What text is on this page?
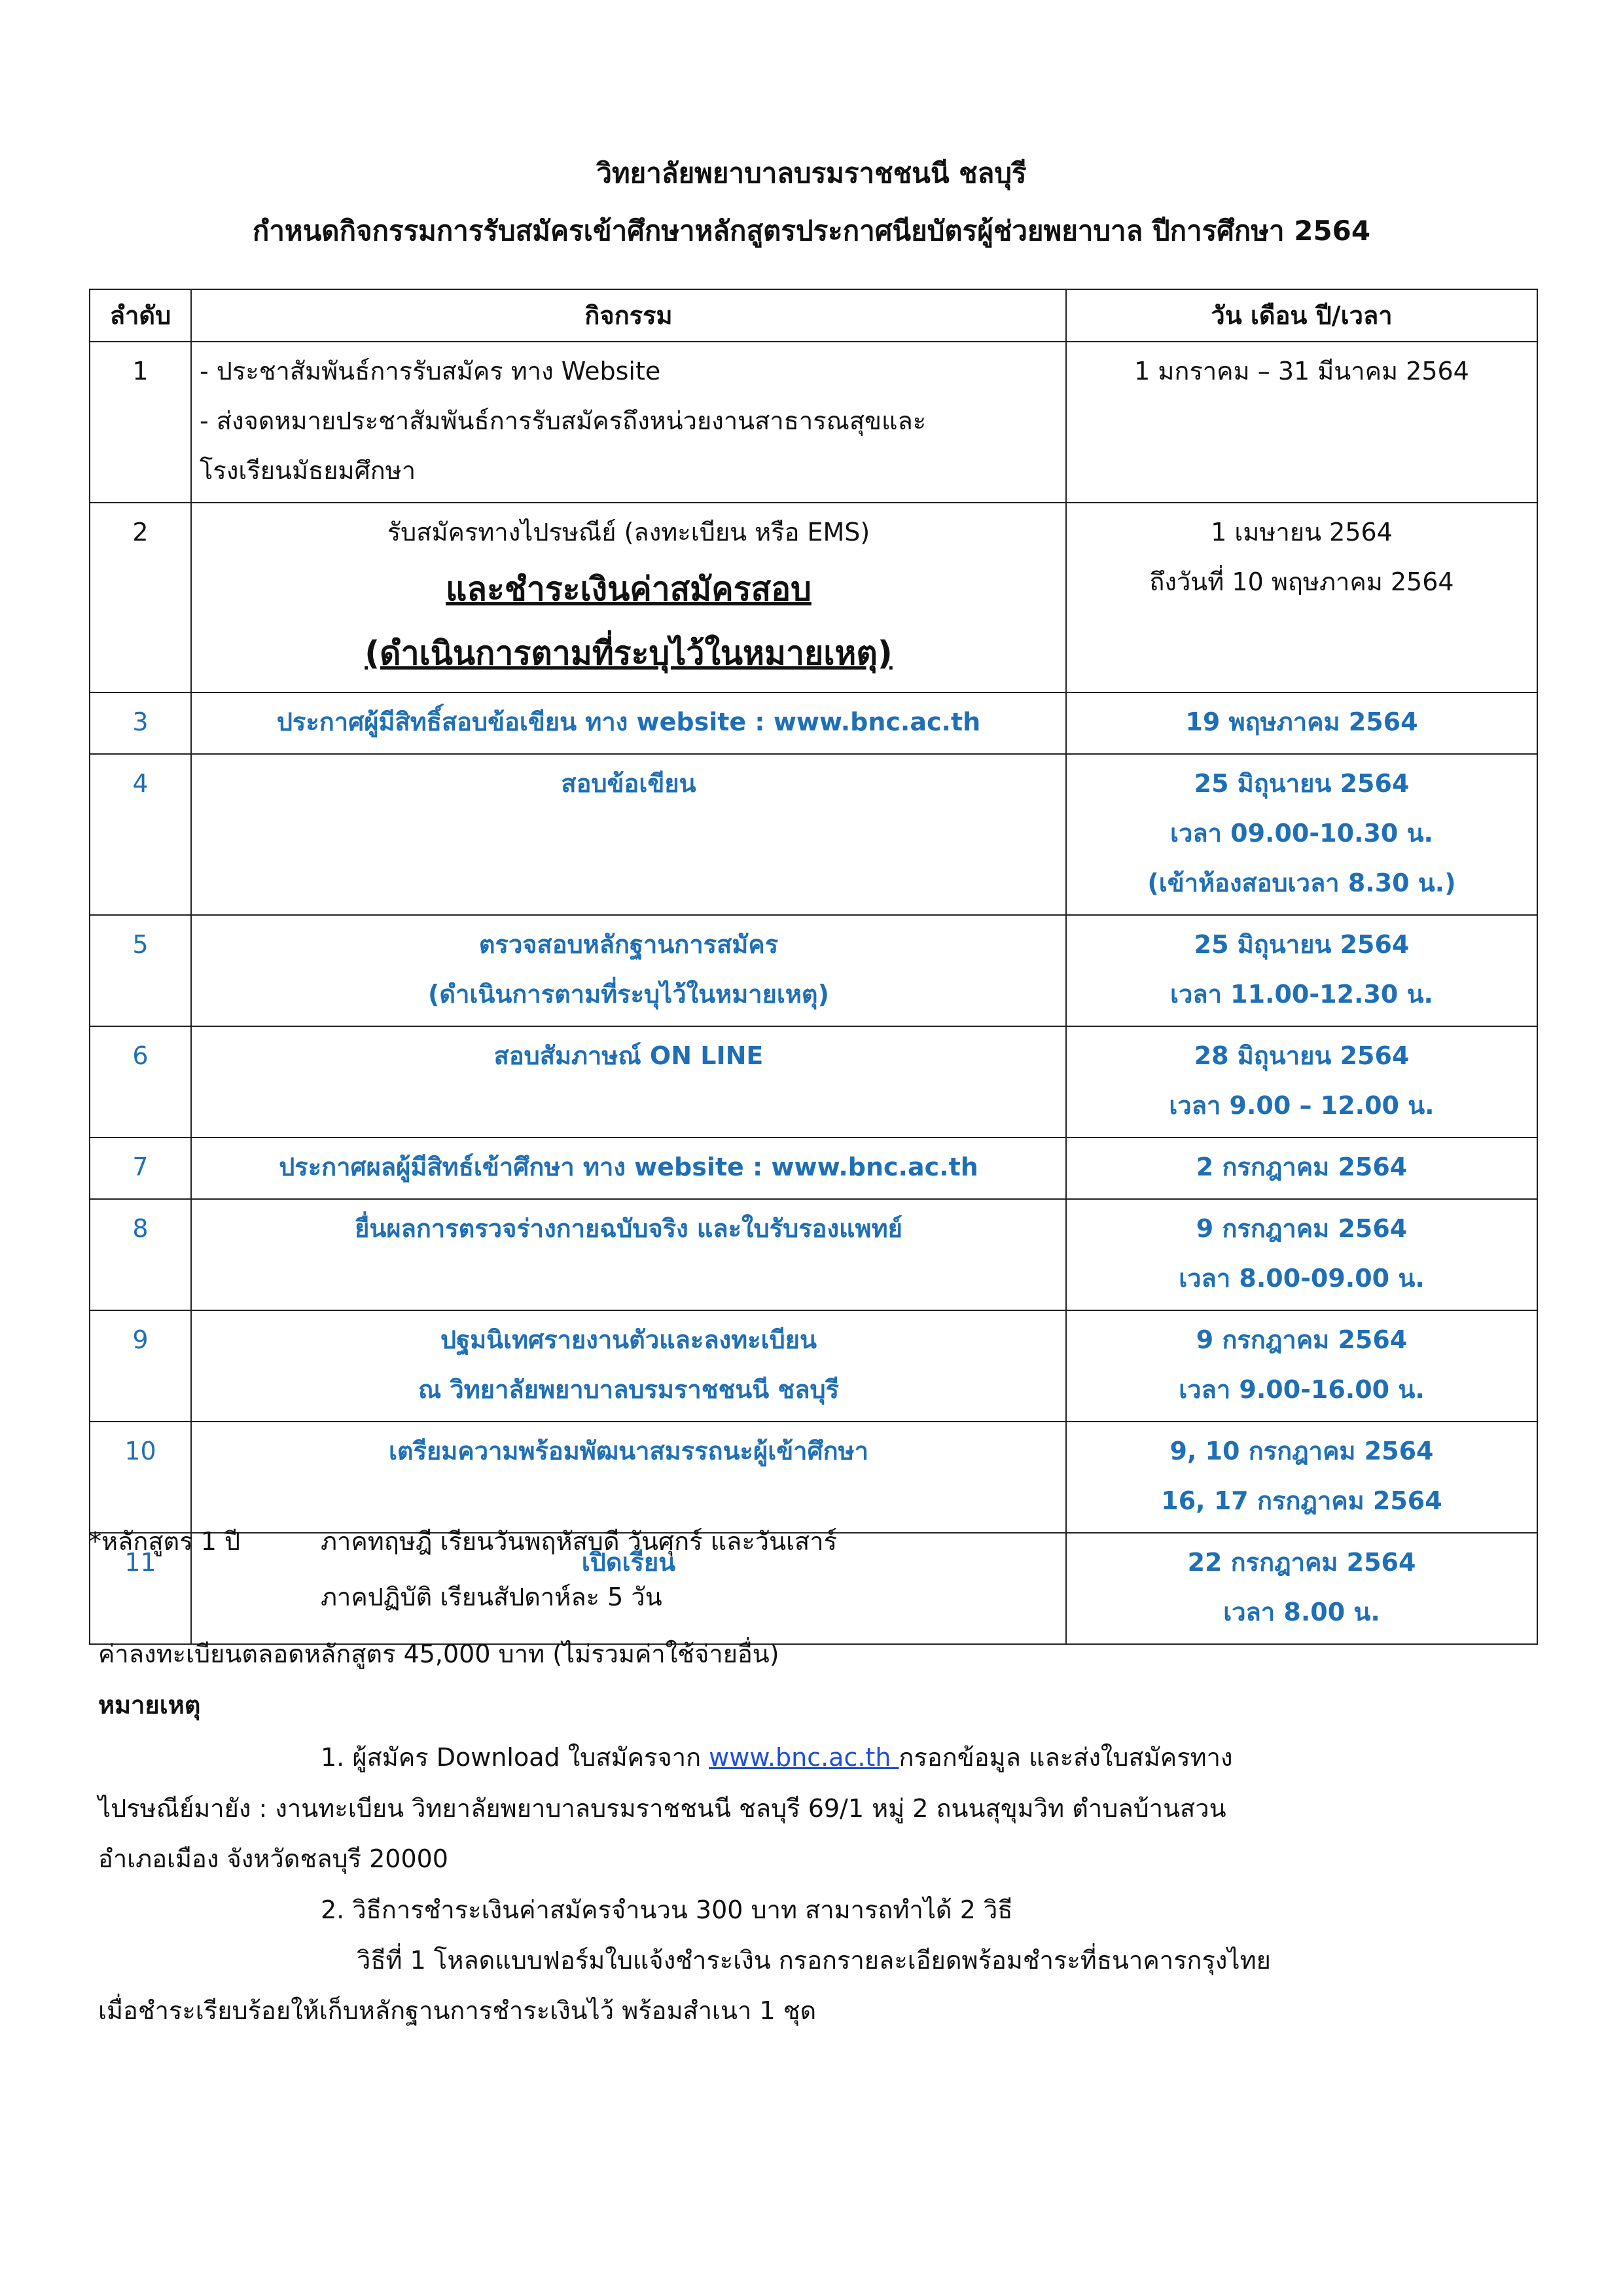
วิทยาลัยพยาบาลบรมราชชนนี ชลบุรี
กำหนดกิจกรรมการรับสมัครเข้าศึกษาหลักสูตรประกาศนียบัตรผู้ช่วยพยาบาล ปีการศึกษา 2564
ลำดับ	กิจกรรม	วัน เดือน ปี/เวลา
1	- ประชาสัมพันธ์การรับสมัคร ทาง Website
- ส่งจดหมายประชาสัมพันธ์การรับสมัครถึงหน่วยงานสาธารณสุขและ
โรงเรียนมัธยมศึกษา	1 มกราคม – 31 มีนาคม 2564

2	รับสมัครทางไปรษณีย์ (ลงทะเบียน หรือ EMS)
และชำระเงินค่าสมัครสอบ
(ดำเนินการตามที่ระบุไว้ในหมายเหตุ)	1 เมษายน 2564
ถึงวันที่ 10 พฤษภาคม 2564

3	ประกาศผู้มีสิทธิ์สอบข้อเขียน ทาง website : www.bnc.ac.th	19 พฤษภาคม 2564
4	สอบข้อเขียน	25 มิถุนายน 2564
เวลา 09.00-10.30 น.
(เข้าห้องสอบเวลา 8.30 น.)

5	ตรวจสอบหลักฐานการสมัคร
(ดำเนินการตามที่ระบุไว้ในหมายเหตุ)	25 มิถุนายน 2564
เวลา 11.00-12.30 น.

6	สอบสัมภาษณ์ ON LINE	28 มิถุนายน 2564
เวลา 9.00 – 12.00 น.

7	ประกาศผลผู้มีสิทธ์เข้าศึกษา ทาง website : www.bnc.ac.th	2 กรกฎาคม 2564
8	ยื่นผลการตรวจร่างกายฉบับจริง และใบรับรองแพทย์	9 กรกฎาคม 2564
เวลา 8.00-09.00 น.

9	ปฐมนิเทศรายงานตัวและลงทะเบียน
ณ วิทยาลัยพยาบาลบรมราชชนนี ชลบุรี	9 กรกฎาคม 2564
เวลา 9.00-16.00 น.

10	เตรียมความพร้อมพัฒนาสมรรถนะผู้เข้าศึกษา	9, 10 กรกฎาคม 2564
16, 17 กรกฎาคม 2564

11	เปิดเรียน	22 กรกฎาคม 2564
เวลา 8.00 น.
*หลักสูตร 1 ปี	ภาคทฤษฎี เรียนวันพฤหัสบดี วันศุกร์ และวันเสาร์
ภาคปฏิบัติ เรียนสัปดาห์ละ 5 วัน
ค่าลงทะเบียนตลอดหลักสูตร 45,000 บาท (ไม่รวมค่าใช้จ่ายอื่น)
หมายเหตุ
1. ผู้สมัคร Download ใบสมัครจาก www.bnc.ac.th กรอกข้อมูล และส่งใบสมัครทาง
ไปรษณีย์มายัง : งานทะเบียน วิทยาลัยพยาบาลบรมราชชนนี ชลบุรี 69/1 หมู่ 2 ถนนสุขุมวิท ตำบลบ้านสวน
อำเภอเมือง จังหวัดชลบุรี 20000
2. วิธีการชำระเงินค่าสมัครจำนวน 300 บาท สามารถทำได้ 2 วิธี
วิธีที่ 1 โหลดแบบฟอร์มใบแจ้งชำระเงิน กรอกรายละเอียดพร้อมชำระที่ธนาคารกรุงไทย
เมื่อชำระเรียบร้อยให้เก็บหลักฐานการชำระเงินไว้ พร้อมสำเนา 1 ชุด
